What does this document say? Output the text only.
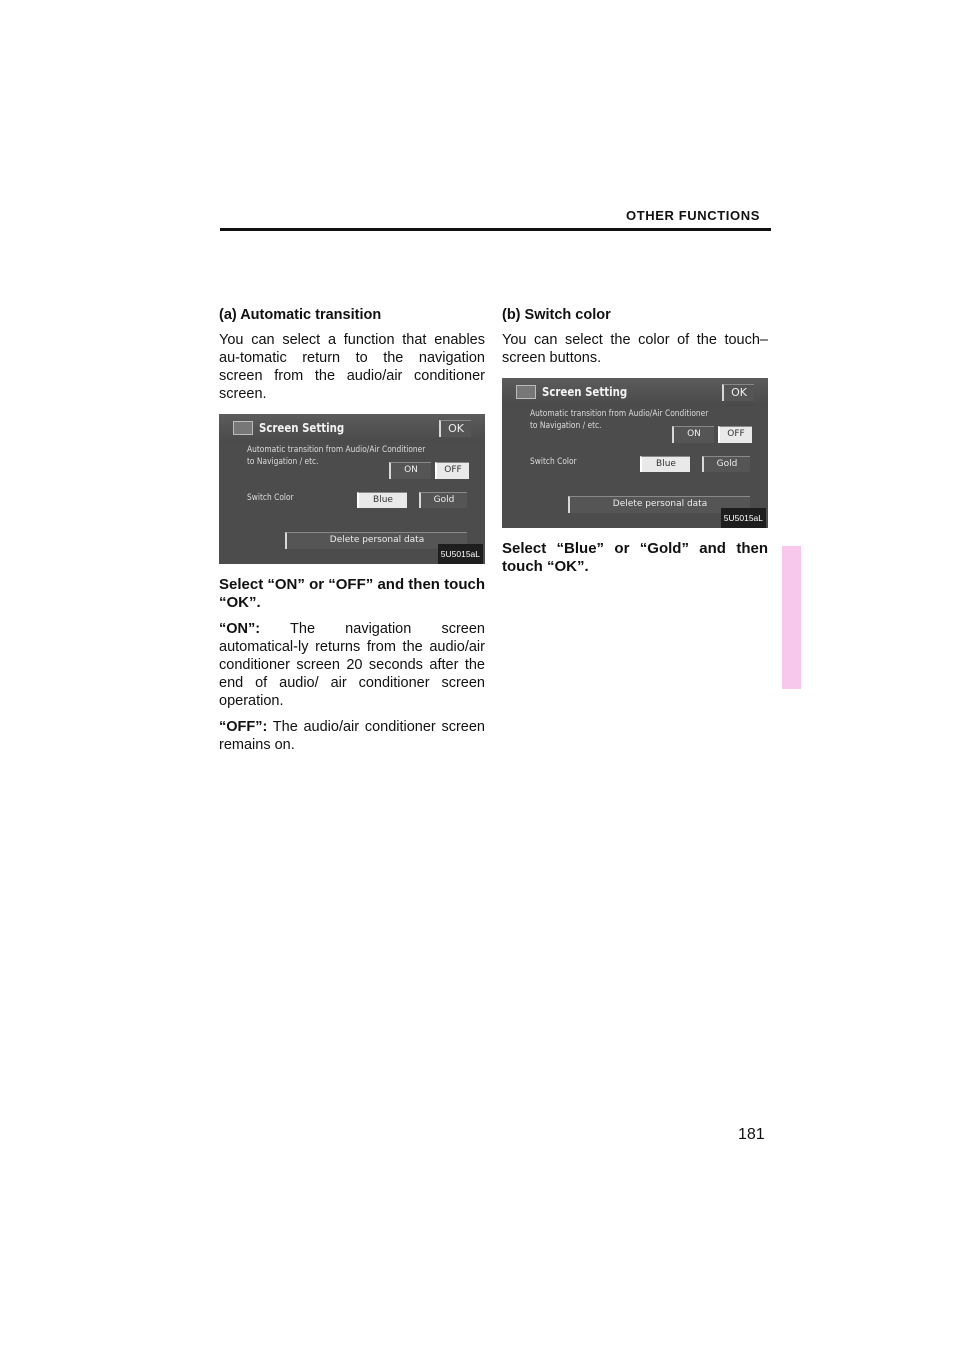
OTHER FUNCTIONS

(a) Automatic transition

You can select a function that enables au-tomatic return to the navigation screen from the audio/air conditioner screen.

Screen Setting	OK
Automatic transition from Audio/Air Conditioner
to Navigation / etc.
ON	OFF
Switch Color	Blue	Gold
Delete personal data
5U5015aL

Select “ON” or “OFF” and then touch “OK”.

“ON”: The navigation screen automatical-ly returns from the audio/air conditioner screen 20 seconds after the end of audio/ air conditioner screen operation.

“OFF”: The audio/air conditioner screen remains on.

(b) Switch color

You can select the color of the touch– screen buttons.

Screen Setting	OK
Automatic transition from Audio/Air Conditioner
to Navigation / etc.
ON	OFF
Switch Color	Blue	Gold
Delete personal data
5U5015aL

Select “Blue” or “Gold” and then touch “OK”.

181
